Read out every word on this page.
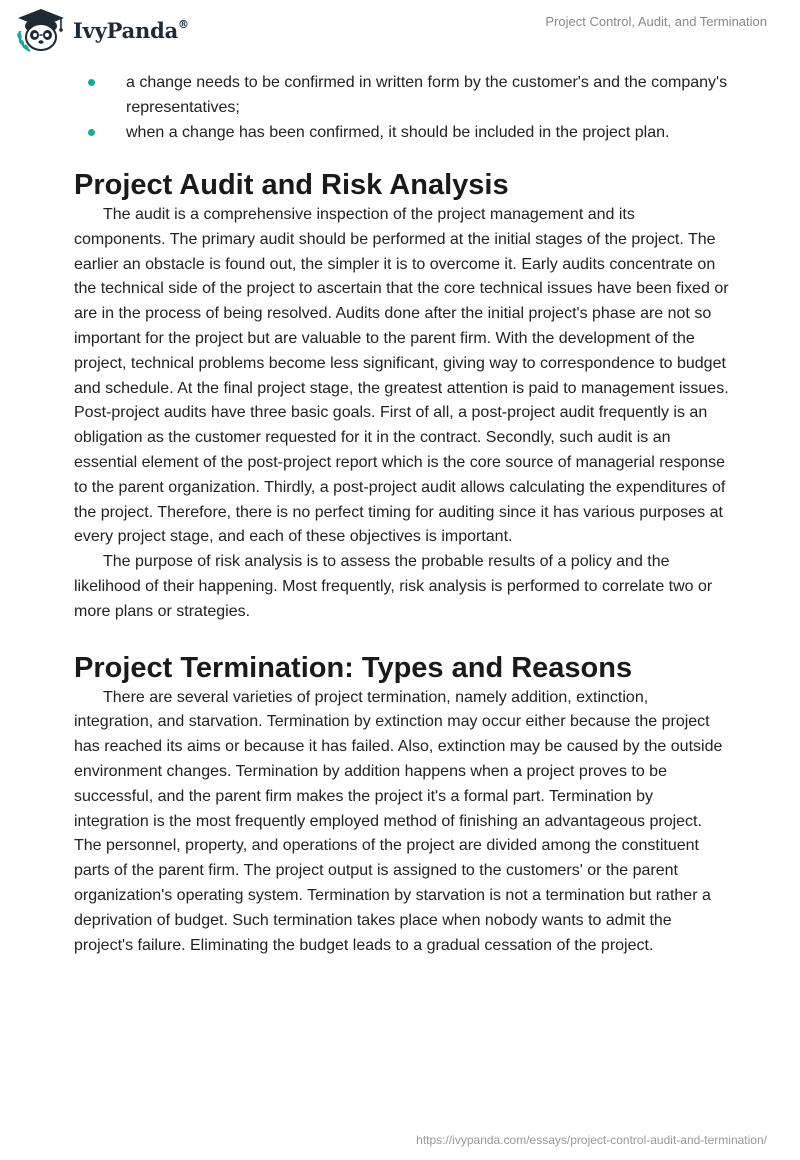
IvyPanda®	Project Control, Audit, and Termination
a change needs to be confirmed in written form by the customer's and the company's representatives;
when a change has been confirmed, it should be included in the project plan.
Project Audit and Risk Analysis

The audit is a comprehensive inspection of the project management and its components. The primary audit should be performed at the initial stages of the project. The earlier an obstacle is found out, the simpler it is to overcome it. Early audits concentrate on the technical side of the project to ascertain that the core technical issues have been fixed or are in the process of being resolved. Audits done after the initial project's phase are not so important for the project but are valuable to the parent firm. With the development of the project, technical problems become less significant, giving way to correspondence to budget and schedule. At the final project stage, the greatest attention is paid to management issues. Post-project audits have three basic goals. First of all, a post-project audit frequently is an obligation as the customer requested for it in the contract. Secondly, such audit is an essential element of the post-project report which is the core source of managerial response to the parent organization. Thirdly, a post-project audit allows calculating the expenditures of the project. Therefore, there is no perfect timing for auditing since it has various purposes at every project stage, and each of these objectives is important.

The purpose of risk analysis is to assess the probable results of a policy and the likelihood of their happening. Most frequently, risk analysis is performed to correlate two or more plans or strategies.

Project Termination: Types and Reasons

There are several varieties of project termination, namely addition, extinction, integration, and starvation. Termination by extinction may occur either because the project has reached its aims or because it has failed. Also, extinction may be caused by the outside environment changes. Termination by addition happens when a project proves to be successful, and the parent firm makes the project it's a formal part. Termination by integration is the most frequently employed method of finishing an advantageous project. The personnel, property, and operations of the project are divided among the constituent parts of the parent firm. The project output is assigned to the customers' or the parent organization's operating system. Termination by starvation is not a termination but rather a deprivation of budget. Such termination takes place when nobody wants to admit the project's failure. Eliminating the budget leads to a gradual cessation of the project.

https://ivypanda.com/essays/project-control-audit-and-termination/
